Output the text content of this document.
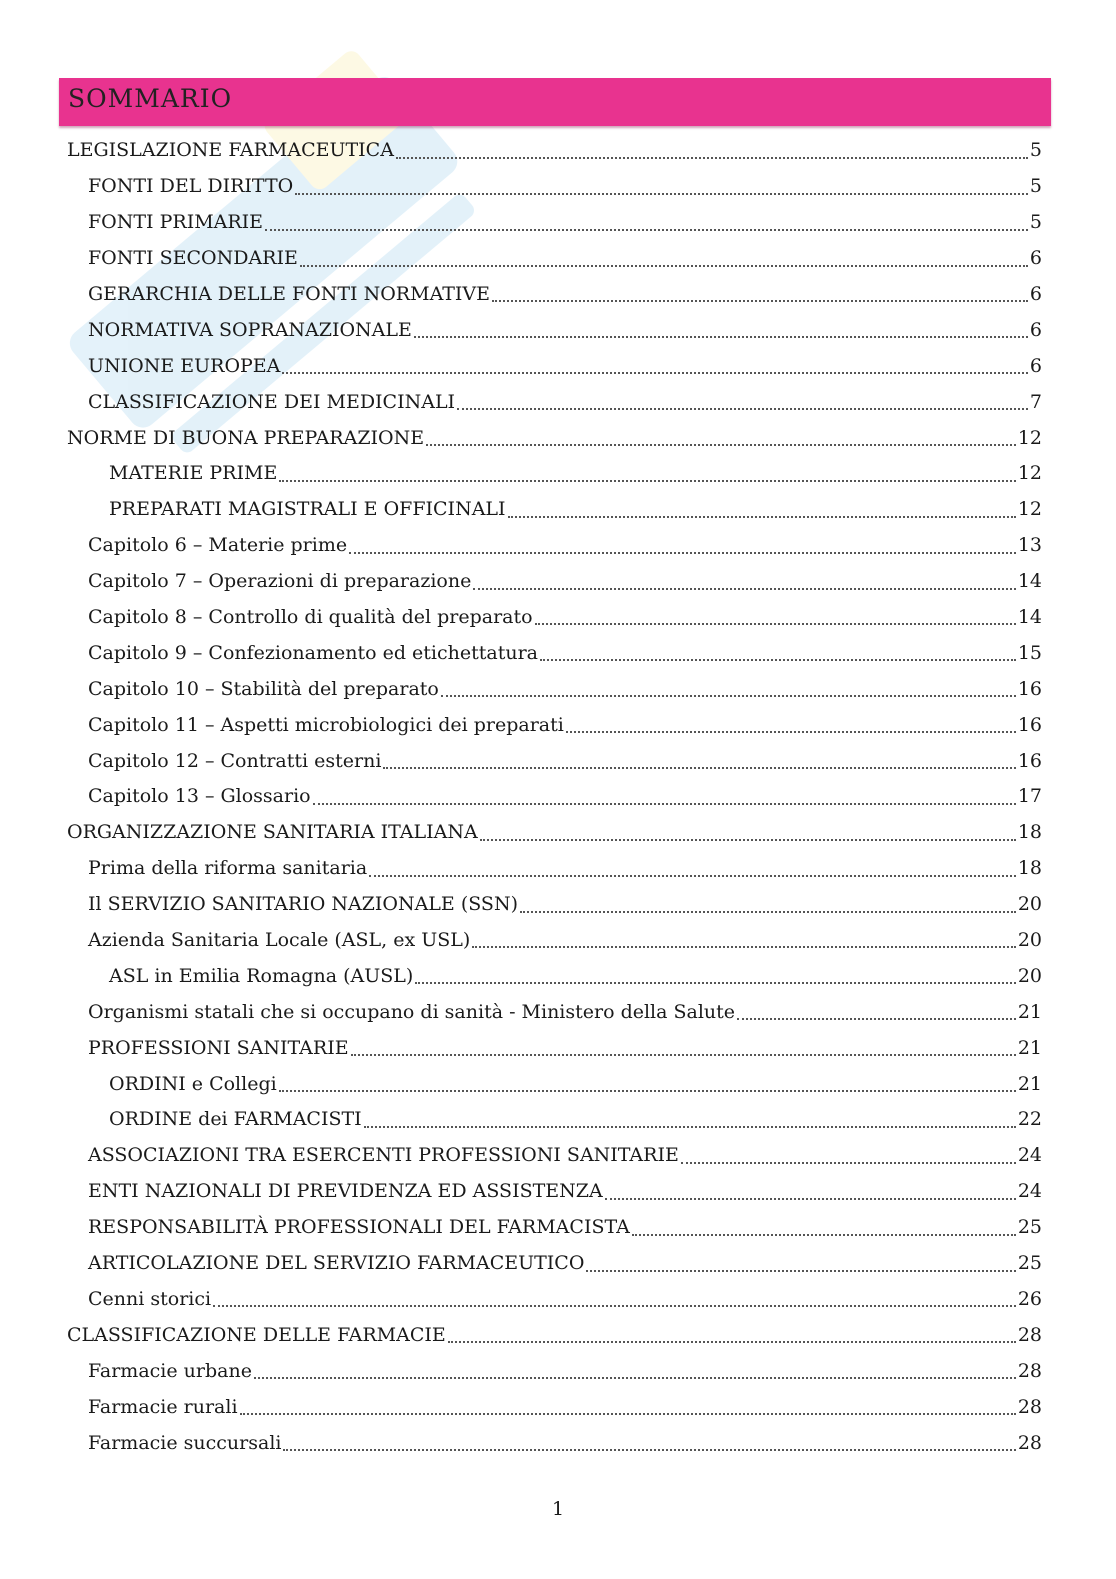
SOMMARIO
LEGISLAZIONE FARMACEUTICA	5
FONTI DEL DIRITTO	5
FONTI PRIMARIE	5
FONTI SECONDARIE	6
GERARCHIA DELLE FONTI NORMATIVE	6
NORMATIVA SOPRANAZIONALE	6
UNIONE EUROPEA	6
CLASSIFICAZIONE DEI MEDICINALI	7
NORME DI BUONA PREPARAZIONE	12
MATERIE PRIME	12
PREPARATI MAGISTRALI E OFFICINALI	12
Capitolo 6 – Materie prime	13
Capitolo 7 – Operazioni di preparazione	14
Capitolo 8 – Controllo di qualità del preparato	14
Capitolo 9 – Confezionamento ed etichettatura	15
Capitolo 10 – Stabilità del preparato	16
Capitolo 11 – Aspetti microbiologici dei preparati	16
Capitolo 12 – Contratti esterni	16
Capitolo 13 – Glossario	17
ORGANIZZAZIONE SANITARIA ITALIANA	18
Prima della riforma sanitaria	18
Il SERVIZIO SANITARIO NAZIONALE (SSN)	20
Azienda Sanitaria Locale (ASL, ex USL)	20
ASL in Emilia Romagna (AUSL)	20
Organismi statali che si occupano di sanità - Ministero della Salute	21
PROFESSIONI SANITARIE	21
ORDINI e Collegi	21
ORDINE dei FARMACISTI	22
ASSOCIAZIONI TRA ESERCENTI PROFESSIONI SANITARIE	24
ENTI NAZIONALI DI PREVIDENZA ED ASSISTENZA	24
RESPONSABILITÀ PROFESSIONALI DEL FARMACISTA	25
ARTICOLAZIONE DEL SERVIZIO FARMACEUTICO	25
Cenni storici	26
CLASSIFICAZIONE DELLE FARMACIE	28
Farmacie urbane	28
Farmacie rurali	28
Farmacie succursali	28
1
